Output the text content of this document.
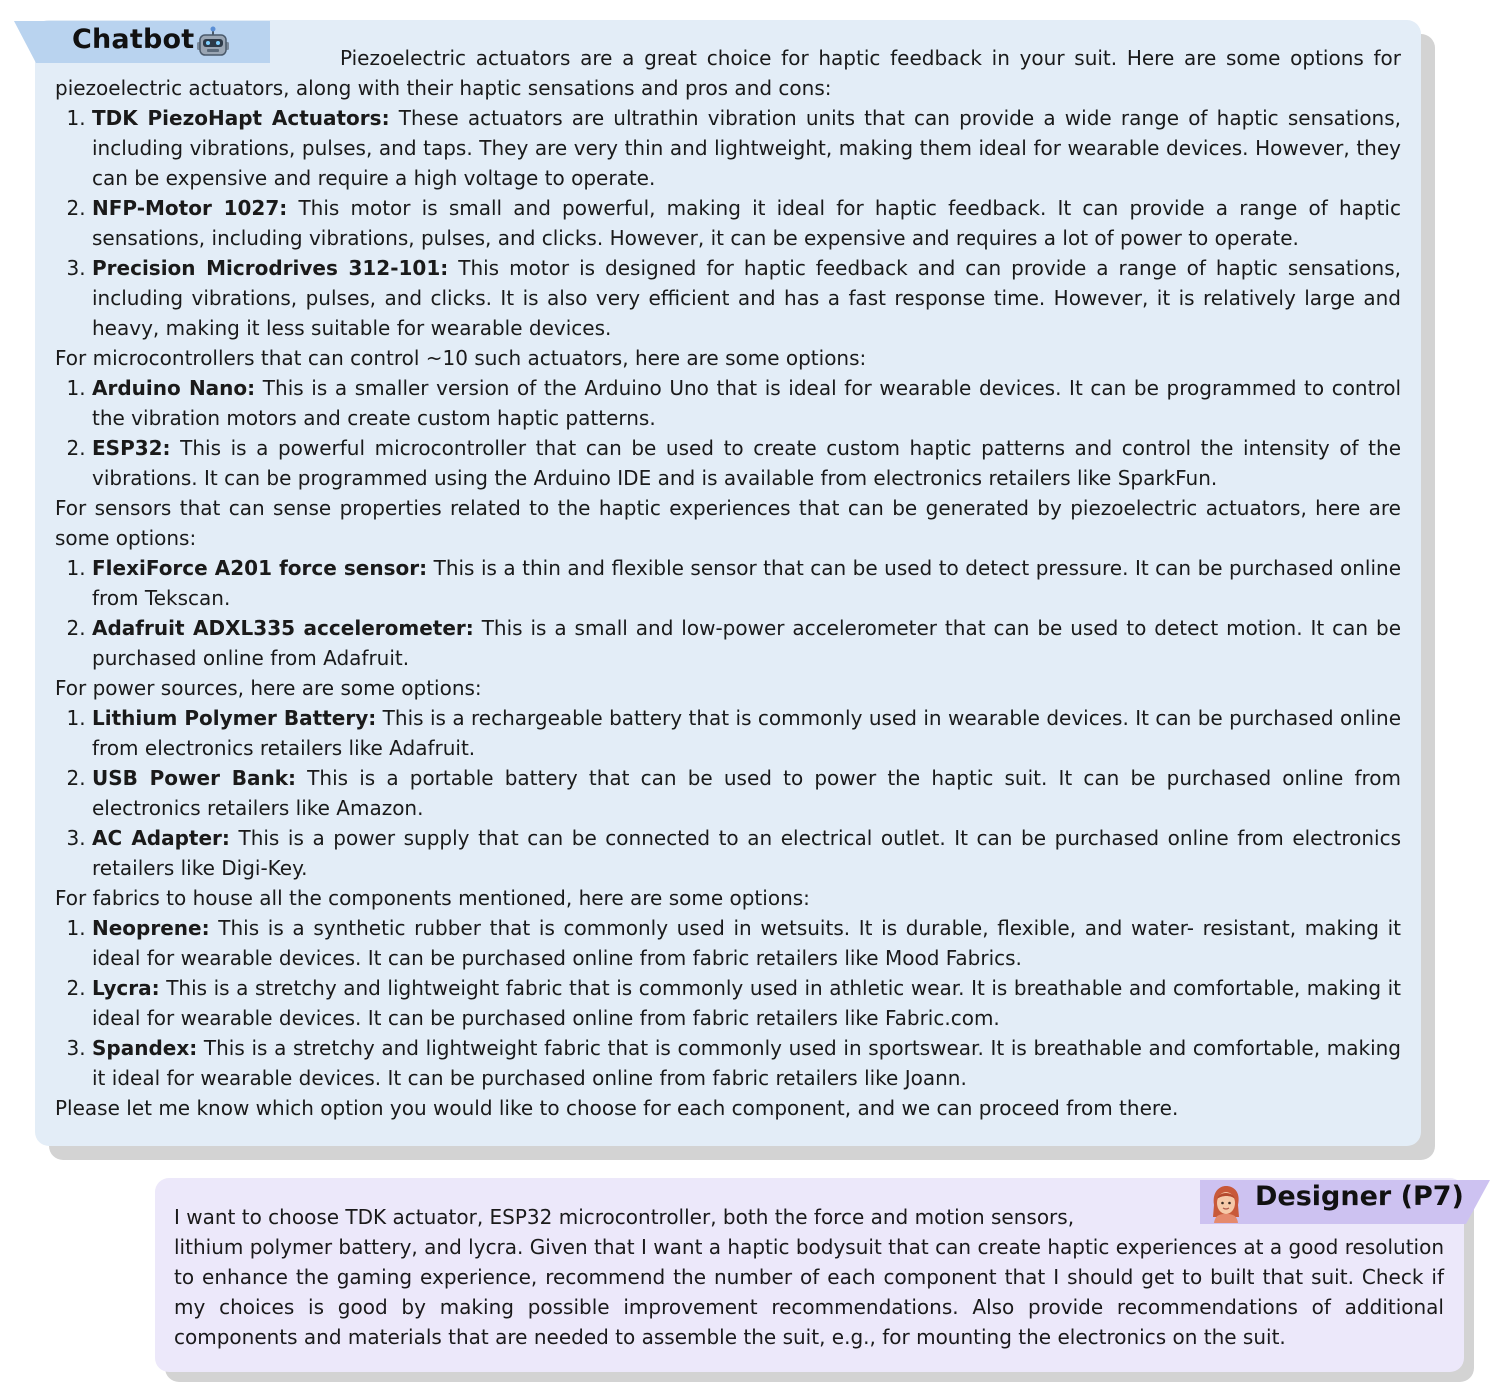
Chatbot

Piezoelectric actuators are a great choice for haptic feedback in your suit. Here are some options for piezoelectric actuators, along with their haptic sensations and pros and cons:

1. TDK PiezoHapt Actuators: These actuators are ultrathin vibration units that can provide a wide range of haptic sensations, including vibrations, pulses, and taps. They are very thin and lightweight, making them ideal for wearable devices. However, they can be expensive and require a high voltage to operate.
2. NFP-Motor 1027: This motor is small and powerful, making it ideal for haptic feedback. It can provide a range of haptic sensations, including vibrations, pulses, and clicks. However, it can be expensive and requires a lot of power to operate.
3. Precision Microdrives 312-101: This motor is designed for haptic feedback and can provide a range of haptic sensations, including vibrations, pulses, and clicks. It is also very efficient and has a fast response time. However, it is relatively large and heavy, making it less suitable for wearable devices.

For microcontrollers that can control ~10 such actuators, here are some options:

1. Arduino Nano: This is a smaller version of the Arduino Uno that is ideal for wearable devices. It can be programmed to control the vibration motors and create custom haptic patterns.
2. ESP32: This is a powerful microcontroller that can be used to create custom haptic patterns and control the intensity of the vibrations. It can be programmed using the Arduino IDE and is available from electronics retailers like SparkFun.

For sensors that can sense properties related to the haptic experiences that can be generated by piezoelectric actuators, here are some options:

1. FlexiForce A201 force sensor: This is a thin and flexible sensor that can be used to detect pressure. It can be purchased online from Tekscan.
2. Adafruit ADXL335 accelerometer: This is a small and low-power accelerometer that can be used to detect motion. It can be purchased online from Adafruit.

For power sources, here are some options:

1. Lithium Polymer Battery: This is a rechargeable battery that is commonly used in wearable devices. It can be purchased online from electronics retailers like Adafruit.
2. USB Power Bank: This is a portable battery that can be used to power the haptic suit. It can be purchased online from electronics retailers like Amazon.
3. AC Adapter: This is a power supply that can be connected to an electrical outlet. It can be purchased online from electronics retailers like Digi-Key.

For fabrics to house all the components mentioned, here are some options:

1. Neoprene: This is a synthetic rubber that is commonly used in wetsuits. It is durable, flexible, and water- resistant, making it ideal for wearable devices. It can be purchased online from fabric retailers like Mood Fabrics.
2. Lycra: This is a stretchy and lightweight fabric that is commonly used in athletic wear. It is breathable and comfortable, making it ideal for wearable devices. It can be purchased online from fabric retailers like Fabric.com.
3. Spandex: This is a stretchy and lightweight fabric that is commonly used in sportswear. It is breathable and comfortable, making it ideal for wearable devices. It can be purchased online from fabric retailers like Joann.

Please let me know which option you would like to choose for each component, and we can proceed from there.

Designer (P7)

I want to choose TDK actuator, ESP32 microcontroller, both the force and motion sensors,
lithium polymer battery, and lycra. Given that I want a haptic bodysuit that can create haptic experiences at a good resolution to enhance the gaming experience, recommend the number of each component that I should get to built that suit. Check if my choices is good by making possible improvement recommendations. Also provide recommendations of additional components and materials that are needed to assemble the suit, e.g., for mounting the electronics on the suit.
